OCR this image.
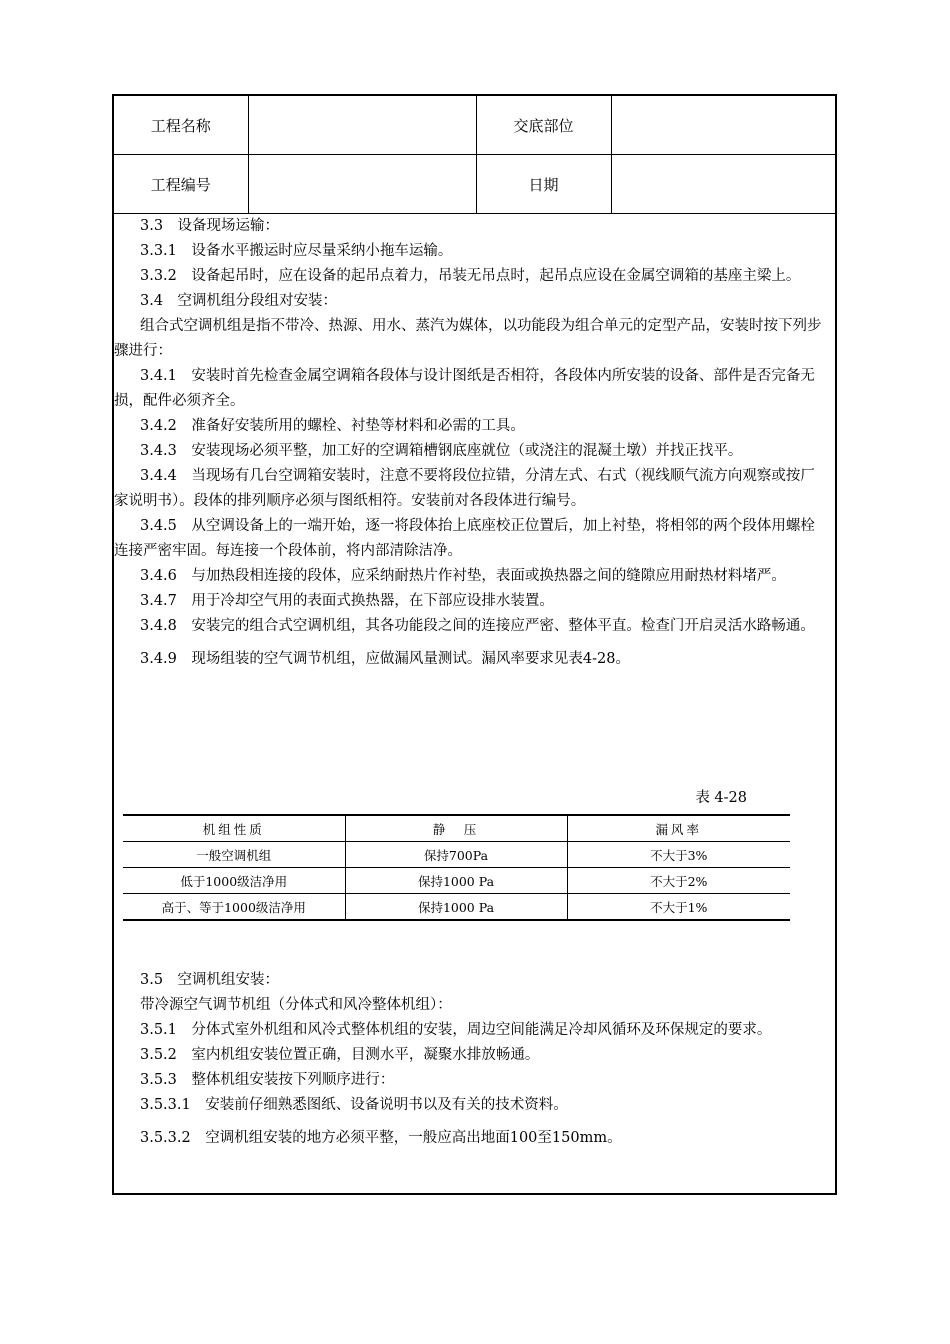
工程名称		交底部位	
工程编号		日期	

3.3　设备现场运输：

3.3.1　设备水平搬运时应尽量采纳小拖车运输。

3.3.2　设备起吊时，应在设备的起吊点着力，吊装无吊点时，起吊点应设在金属空调箱的基座主梁上。

3.4　空调机组分段组对安装：

组合式空调机组是指不带冷、热源、用水、蒸汽为媒体，以功能段为组合单元的定型产品，安装时按下列步骤进行：

3.4.1　安装时首先检查金属空调箱各段体与设计图纸是否相符，各段体内所安装的设备、部件是否完备无损，配件必须齐全。

3.4.2　准备好安装所用的螺栓、衬垫等材料和必需的工具。

3.4.3　安装现场必须平整，加工好的空调箱槽钢底座就位（或浇注的混凝土墩）并找正找平。

3.4.4　当现场有几台空调箱安装时，注意不要将段位拉错，分清左式、右式（视线顺气流方向观察或按厂家说明书）。段体的排列顺序必须与图纸相符。安装前对各段体进行编号。

3.4.5　从空调设备上的一端开始，逐一将段体抬上底座校正位置后，加上衬垫，将相邻的两个段体用螺栓连接严密牢固。每连接一个段体前，将内部清除洁净。

3.4.6　与加热段相连接的段体，应采纳耐热片作衬垫，表面或换热器之间的缝隙应用耐热材料堵严。

3.4.7　用于冷却空气用的表面式换热器，在下部应设排水装置。

3.4.8　安装完的组合式空调机组，其各功能段之间的连接应严密、整体平直。检查门开启灵活水路畅通。

3.4.9　现场组装的空气调节机组，应做漏风量测试。漏风率要求见表4-28。

表 4-28
机组性质	静　压	漏风率
一般空调机组	保持700Pa	不大于3%
低于1000级洁净用	保持1000 Pa	不大于2%
高于、等于1000级洁净用	保持1000 Pa	不大于1%

3.5　空调机组安装：

带冷源空气调节机组（分体式和风冷整体机组）：

3.5.1　分体式室外机组和风冷式整体机组的安装，周边空间能满足冷却风循环及环保规定的要求。

3.5.2　室内机组安装位置正确，目测水平，凝聚水排放畅通。

3.5.3　整体机组安装按下列顺序进行：

3.5.3.1　安装前仔细熟悉图纸、设备说明书以及有关的技术资料。

3.5.3.2　空调机组安装的地方必须平整，一般应高出地面100至150mm。
